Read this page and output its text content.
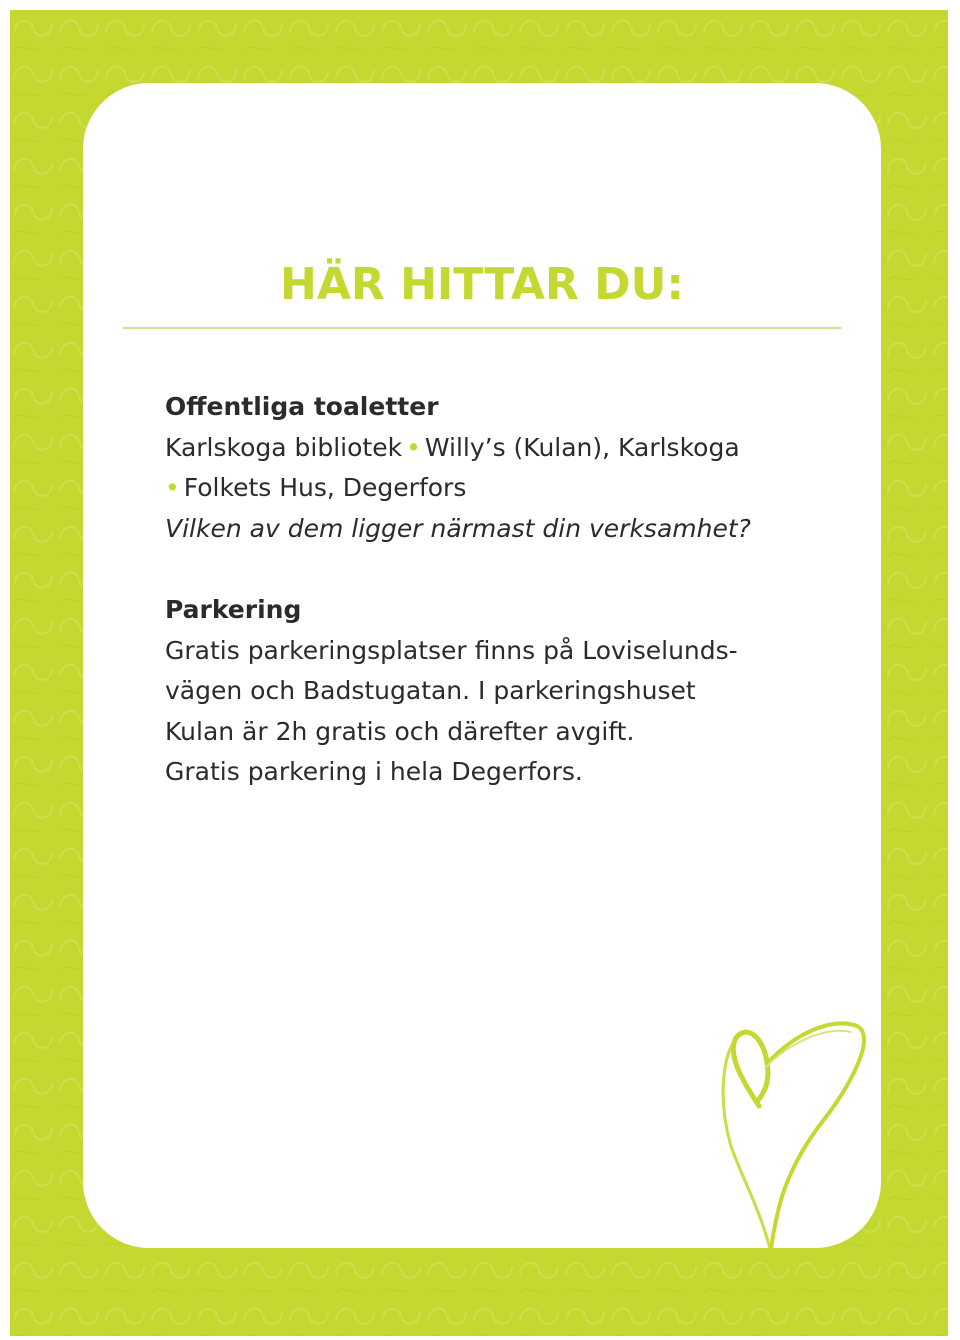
HÄR HITTAR DU:

Offentliga toaletter

Karlskoga bibliotek • Willy’s (Kulan), Karlskoga

• Folkets Hus, Degerfors

Vilken av dem ligger närmast din verksamhet?

Parkering

Gratis parkeringsplatser finns på Loviselunds-

vägen och Badstugatan. I parkeringshuset

Kulan är 2h gratis och därefter avgift.

Gratis parkering i hela Degerfors.
